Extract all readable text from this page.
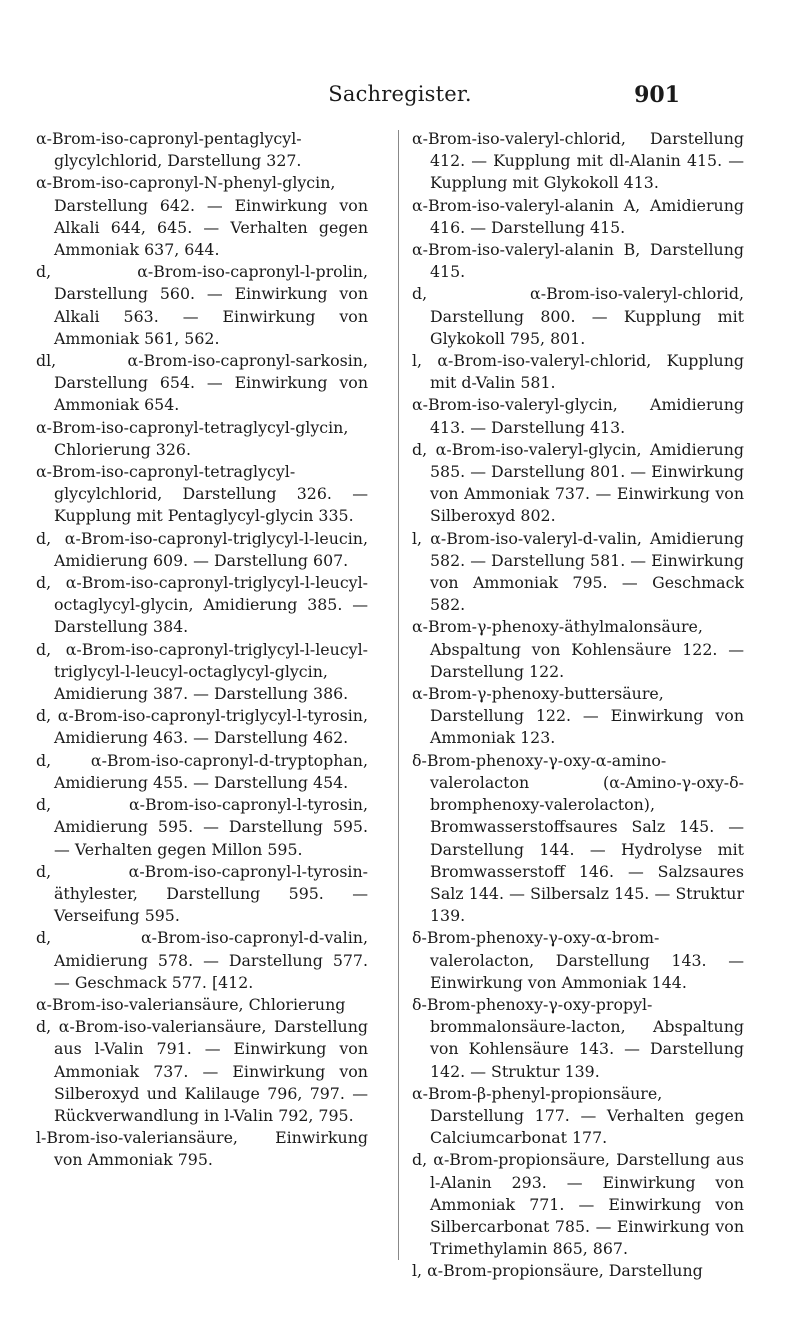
Sachregister.	901

α-Brom-iso-capronyl-pentaglycyl-glycylchlorid, Darstellung 327.

α-Brom-iso-capronyl-N-phenyl-glycin, Darstellung 642. — Einwirkung von Alkali 644, 645. — Verhalten gegen Ammoniak 637, 644.

d, α-Brom-iso-capronyl-l-prolin, Darstellung 560. — Einwirkung von Alkali 563. — Einwirkung von Ammoniak 561, 562.

dl, α-Brom-iso-capronyl-sarkosin, Darstellung 654. — Einwirkung von Ammoniak 654.

α-Brom-iso-capronyl-tetraglycyl-glycin, Chlorierung 326.

α-Brom-iso-capronyl-tetraglycyl-glycylchlorid, Darstellung 326. — Kupplung mit Pentaglycyl-glycin 335.

d, α-Brom-iso-capronyl-triglycyl-l-leucin, Amidierung 609. — Darstellung 607.

d, α-Brom-iso-capronyl-triglycyl-l-leucyl-octaglycyl-glycin, Amidierung 385. — Darstellung 384.

d, α-Brom-iso-capronyl-triglycyl-l-leucyl-triglycyl-l-leucyl-octaglycyl-glycin, Amidierung 387. — Darstellung 386.

d, α-Brom-iso-capronyl-triglycyl-l-tyrosin, Amidierung 463. — Darstellung 462.

d, α-Brom-iso-capronyl-d-tryptophan, Amidierung 455. — Darstellung 454.

d, α-Brom-iso-capronyl-l-tyrosin, Amidierung 595. — Darstellung 595. — Verhalten gegen Millon 595.

d, α-Brom-iso-capronyl-l-tyrosin-äthylester, Darstellung 595. — Verseifung 595.

d, α-Brom-iso-capronyl-d-valin, Amidierung 578. — Darstellung 577. — Geschmack 577. [412.

α-Brom-iso-valeriansäure, Chlorierung

d, α-Brom-iso-valeriansäure, Darstellung aus l-Valin 791. — Einwirkung von Ammoniak 737. — Einwirkung von Silberoxyd und Kalilauge 796, 797. — Rückverwandlung in l-Valin 792, 795.

l-Brom-iso-valeriansäure, Einwirkung von Ammoniak 795.

α-Brom-iso-valeryl-chlorid, Darstellung 412. — Kupplung mit dl-Alanin 415. — Kupplung mit Glykokoll 413.

α-Brom-iso-valeryl-alanin A, Amidierung 416. — Darstellung 415.

α-Brom-iso-valeryl-alanin B, Darstellung 415.

d, α-Brom-iso-valeryl-chlorid, Darstellung 800. — Kupplung mit Glykokoll 795, 801.

l, α-Brom-iso-valeryl-chlorid, Kupplung mit d-Valin 581.

α-Brom-iso-valeryl-glycin, Amidierung 413. — Darstellung 413.

d, α-Brom-iso-valeryl-glycin, Amidierung 585. — Darstellung 801. — Einwirkung von Ammoniak 737. — Einwirkung von Silberoxyd 802.

l, α-Brom-iso-valeryl-d-valin, Amidierung 582. — Darstellung 581. — Einwirkung von Ammoniak 795. — Geschmack 582.

α-Brom-γ-phenoxy-äthylmalonsäure, Abspaltung von Kohlensäure 122. — Darstellung 122.

α-Brom-γ-phenoxy-buttersäure, Darstellung 122. — Einwirkung von Ammoniak 123.

δ-Brom-phenoxy-γ-oxy-α-amino-valerolacton (α-Amino-γ-oxy-δ-bromphenoxy-valerolacton), Bromwasserstoffsaures Salz 145. — Darstellung 144. — Hydrolyse mit Bromwasserstoff 146. — Salzsaures Salz 144. — Silbersalz 145. — Struktur 139.

δ-Brom-phenoxy-γ-oxy-α-brom-valerolacton, Darstellung 143. — Einwirkung von Ammoniak 144.

δ-Brom-phenoxy-γ-oxy-propyl-brommalonsäure-lacton, Abspaltung von Kohlensäure 143. — Darstellung 142. — Struktur 139.

α-Brom-β-phenyl-propionsäure, Darstellung 177. — Verhalten gegen Calciumcarbonat 177.

d, α-Brom-propionsäure, Darstellung aus l-Alanin 293. — Einwirkung von Ammoniak 771. — Einwirkung von Silbercarbonat 785. — Einwirkung von Trimethylamin 865, 867.

l, α-Brom-propionsäure, Darstellung
